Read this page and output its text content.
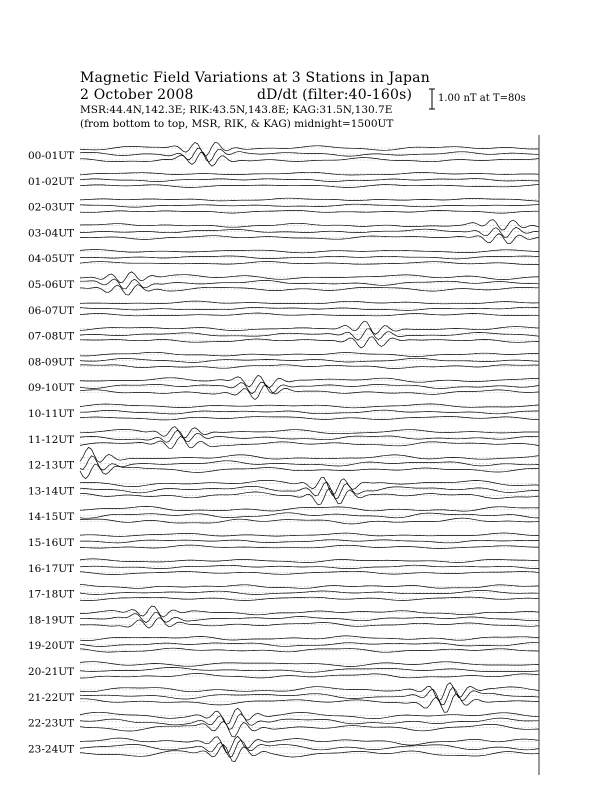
00-01UT
01-02UT
02-03UT
03-04UT
04-05UT
05-06UT
06-07UT
07-08UT
08-09UT
09-10UT
10-11UT
11-12UT
12-13UT
13-14UT
14-15UT
15-16UT
16-17UT
17-18UT
18-19UT
19-20UT
20-21UT
21-22UT
22-23UT
23-24UT
Magnetic Field Variations at 3 Stations in Japan
2 October 2008	dD/dt (filter:40-160s)
MSR:44.4N,142.3E; RIK:43.5N,143.8E; KAG:31.5N,130.7E
(from bottom to top, MSR, RIK, & KAG) midnight=1500UT
1.00 nT at T=80s
